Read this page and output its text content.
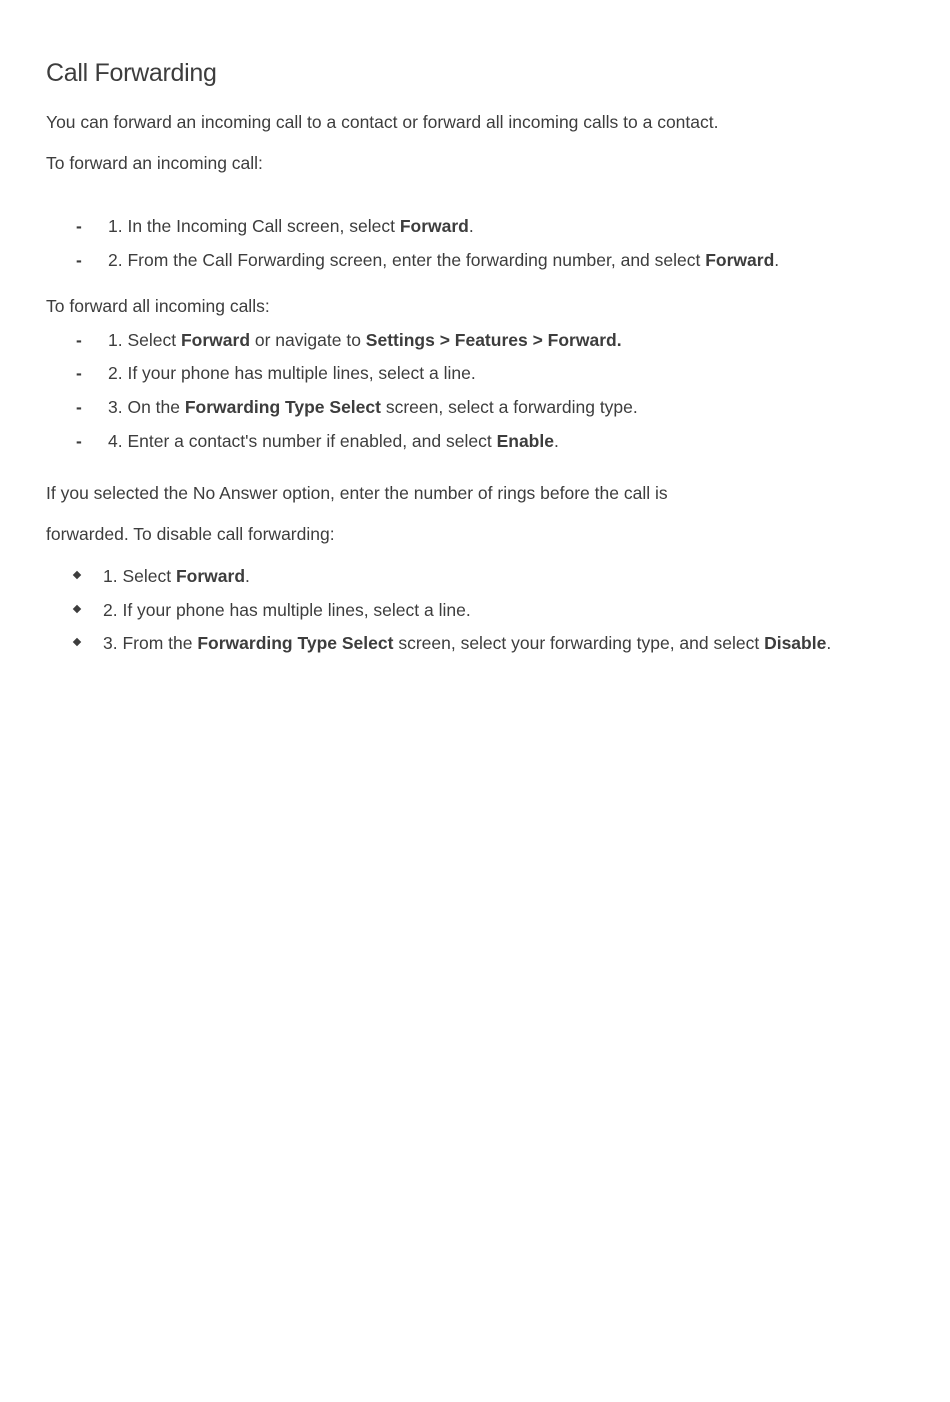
Call Forwarding

You can forward an incoming call to a contact or forward all incoming calls to a contact.

To forward an incoming call:

-	1. In the Incoming Call screen, select Forward.
-	2. From the Call Forwarding screen, enter the forwarding number, and select Forward.

To forward all incoming calls:

-	1. Select Forward or navigate to Settings > Features > Forward.
-	2. If your phone has multiple lines, select a line.
-	3. On the Forwarding Type Select screen, select a forwarding type.
-	4. Enter a contact's number if enabled, and select Enable.

If you selected the No Answer option, enter the number of rings before the call is

forwarded. To disable call forwarding:

1. Select Forward.
2. If your phone has multiple lines, select a line.
3. From the Forwarding Type Select screen, select your forwarding type, and select Disable.
